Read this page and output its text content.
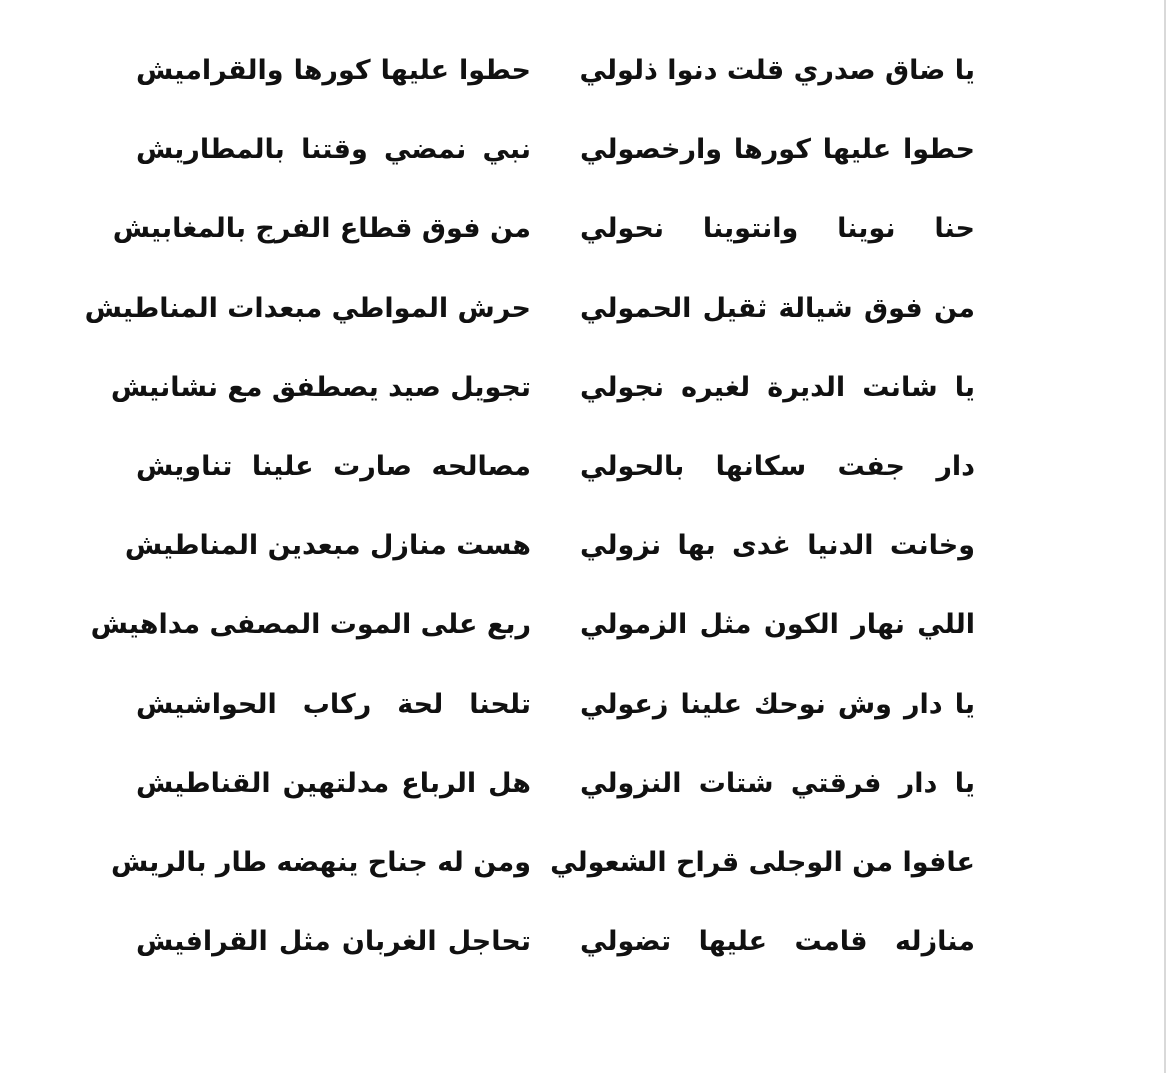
يا ضاق صدري قلت دنوا ذلولي
حطوا عليها كورها والقراميش
حطوا عليها كورها وارخصولي
نبي نمضي وقتنا بالمطاريش
حنا نوينا وانتوينا نحولي
من فوق قطاع الفرج بالمغابيش
من فوق شيالة ثقيل الحمولي
حرش المواطي مبعدات المناطيش
يا شانت الديرة لغيره نجولي
تجويل صيد يصطفق مع نشانيش
دار جفت سكانها بالحولي
مصالحه صارت علينا تناويش
وخانت الدنيا غدى بها نزولي
هست منازل مبعدين المناطيش
اللي نهار الكون مثل الزمولي
ربع على الموت المصفى مداهيش
يا دار وش نوحك علينا زعولي
تلحنا لحة ركاب الحواشيش
يا دار فرقتي شتات النزولي
هل الرباع مدلتهين القناطيش
عافوا من الوجلى قراح الشعولي
ومن له جناح ينهضه طار بالريش
منازله قامت عليها تضولي
تحاجل الغربان مثل القرافيش
